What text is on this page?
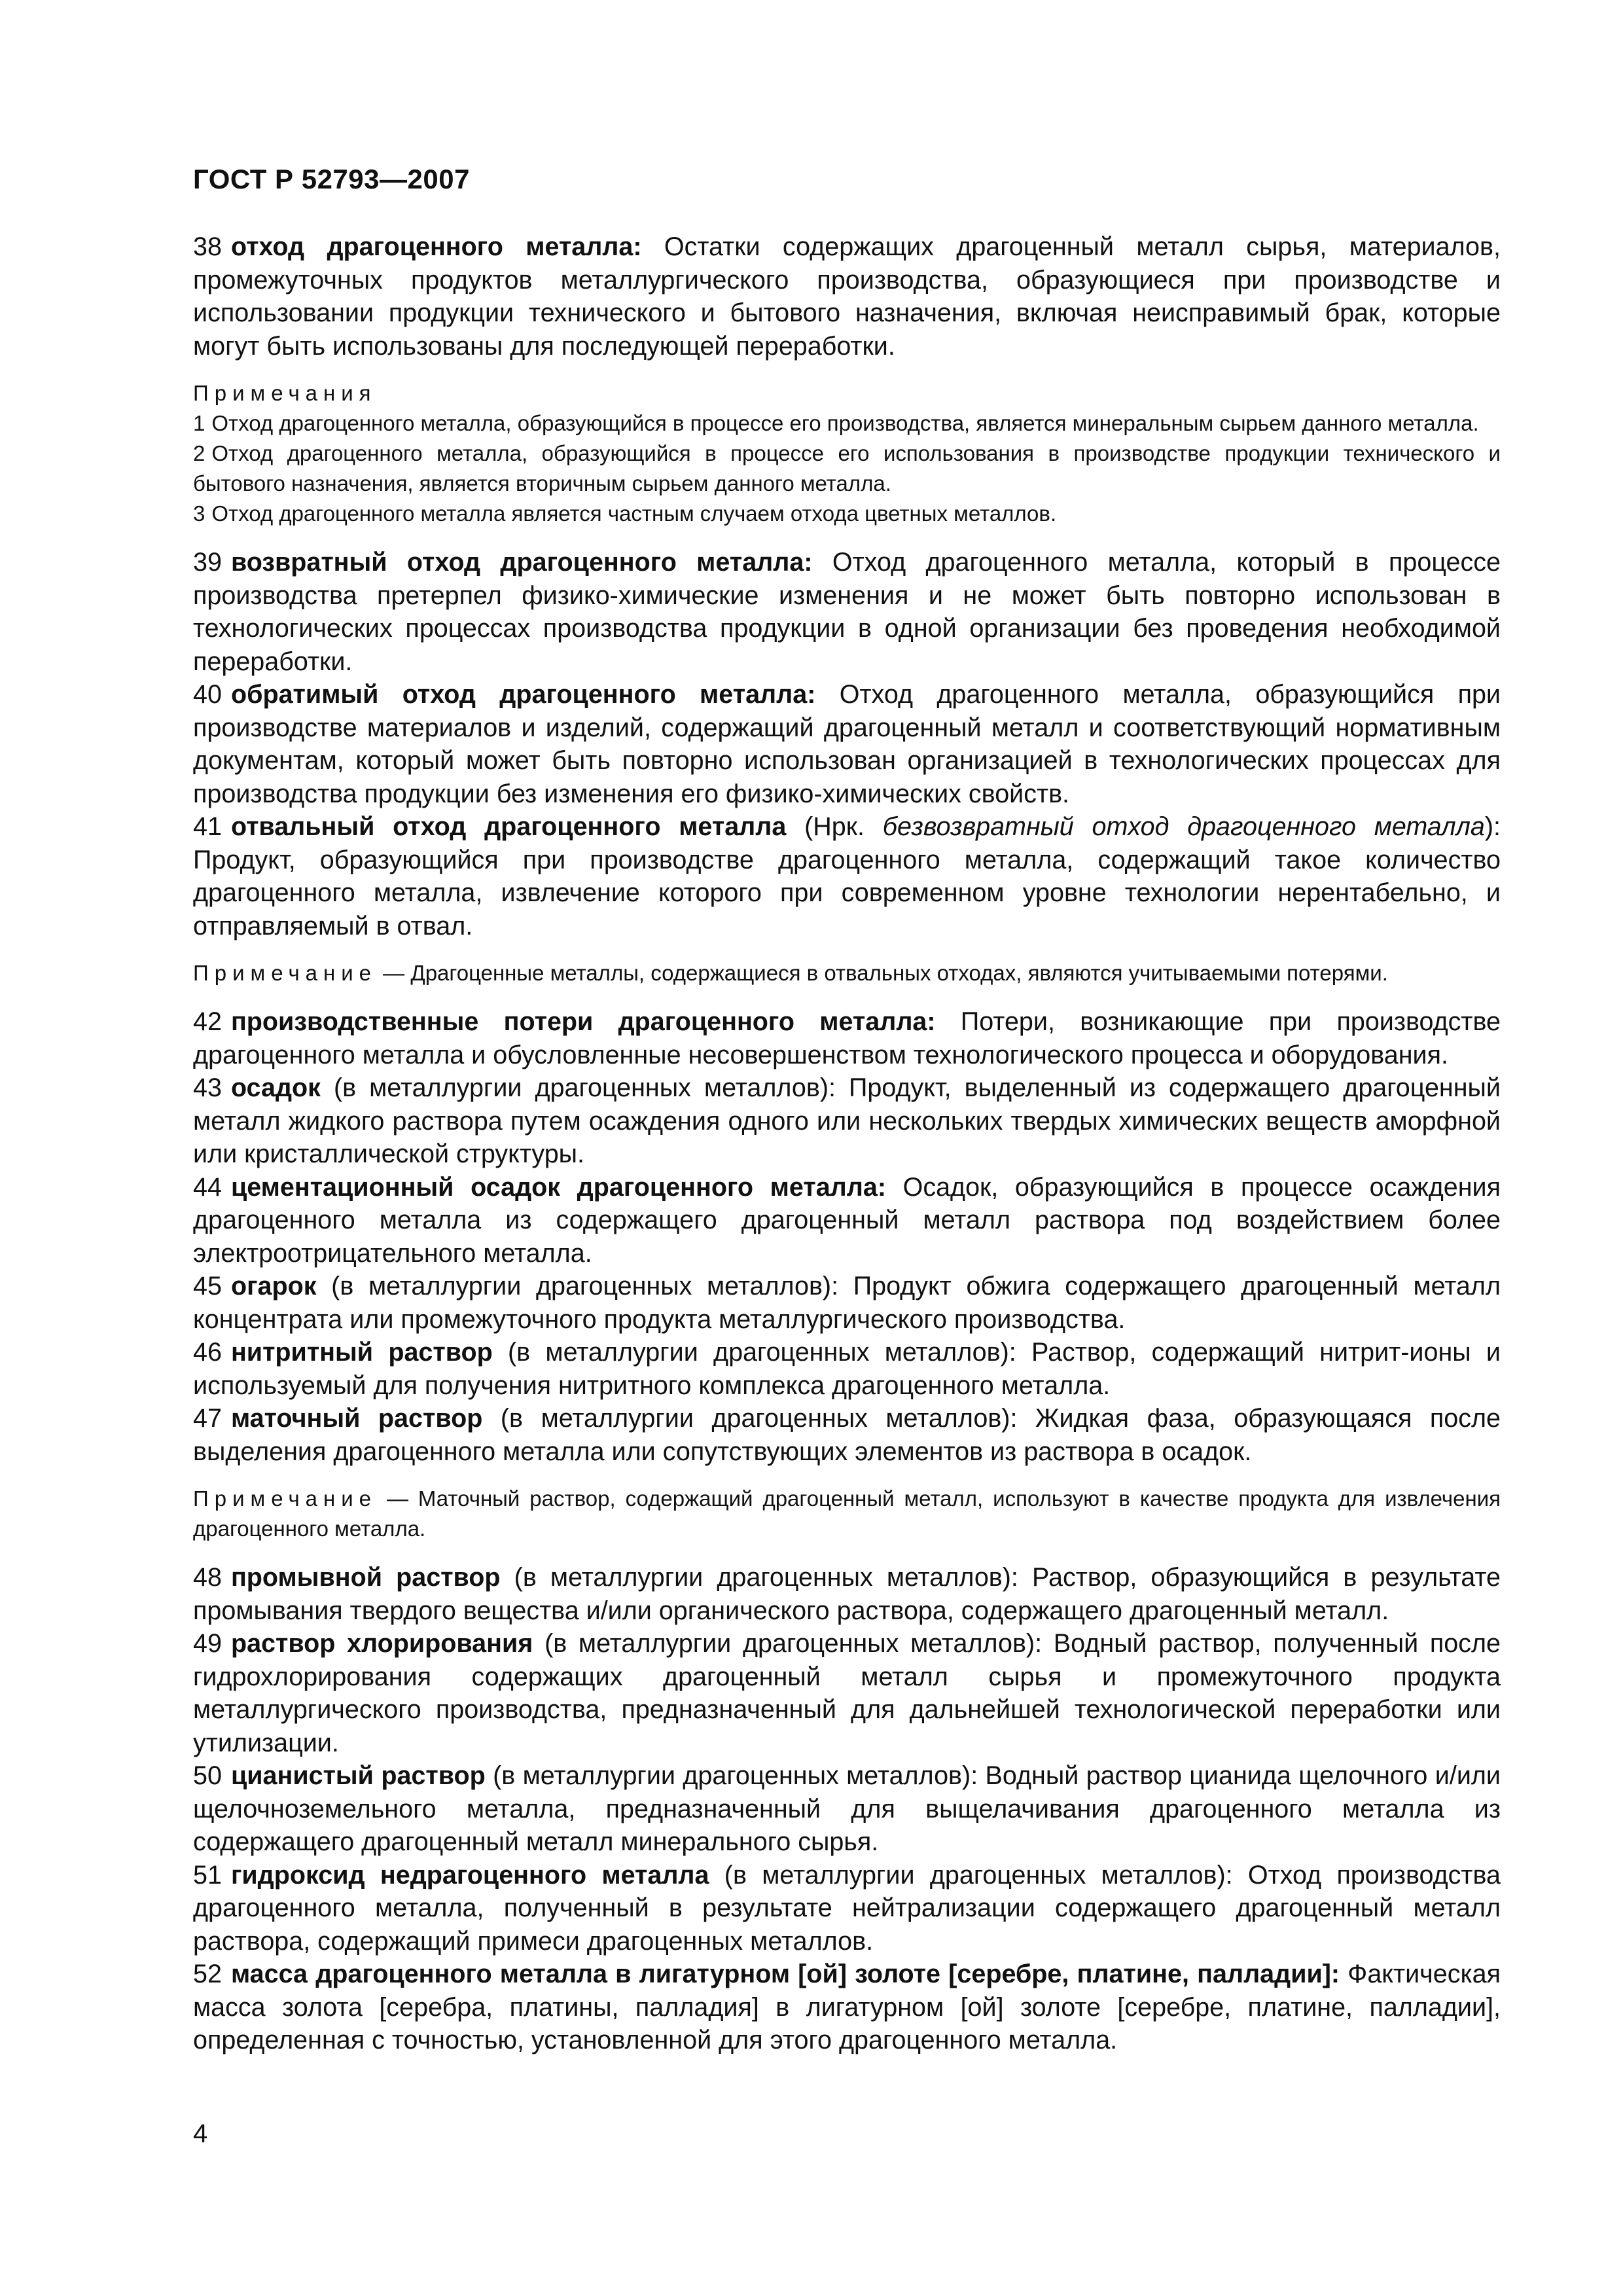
ГОСТ Р 52793—2007

38 отход драгоценного металла: Остатки содержащих драгоценный металл сырья, материалов, промежуточных продуктов металлургического производства, образующиеся при производстве и использовании продукции технического и бытового назначения, включая неисправимый брак, которые могут быть использованы для последующей переработки.

Примечания

1 Отход драгоценного металла, образующийся в процессе его производства, является минеральным сырьем данного металла.

2 Отход драгоценного металла, образующийся в процессе его использования в производстве продукции технического и бытового назначения, является вторичным сырьем данного металла.

3 Отход драгоценного металла является частным случаем отхода цветных металлов.

39 возвратный отход драгоценного металла: Отход драгоценного металла, который в процессе производства претерпел физико-химические изменения и не может быть повторно использован в технологических процессах производства продукции в одной организации без проведения необходимой переработки.

40 обратимый отход драгоценного металла: Отход драгоценного металла, образующийся при производстве материалов и изделий, содержащий драгоценный металл и соответствующий нормативным документам, который может быть повторно использован организацией в технологических процессах для производства продукции без изменения его физико-химических свойств.

41 отвальный отход драгоценного металла (Нрк. безвозвратный отход драгоценного металла): Продукт, образующийся при производстве драгоценного металла, содержащий такое количество драгоценного металла, извлечение которого при современном уровне технологии нерентабельно, и отправляемый в отвал.

Примечание — Драгоценные металлы, содержащиеся в отвальных отходах, являются учитываемыми потерями.

42 производственные потери драгоценного металла: Потери, возникающие при производстве драгоценного металла и обусловленные несовершенством технологического процесса и оборудования.

43 осадок (в металлургии драгоценных металлов): Продукт, выделенный из содержащего драгоценный металл жидкого раствора путем осаждения одного или нескольких твердых химических веществ аморфной или кристаллической структуры.

44 цементационный осадок драгоценного металла: Осадок, образующийся в процессе осаждения драгоценного металла из содержащего драгоценный металл раствора под воздействием более электроотрицательного металла.

45 огарок (в металлургии драгоценных металлов): Продукт обжига содержащего драгоценный металл концентрата или промежуточного продукта металлургического производства.

46 нитритный раствор (в металлургии драгоценных металлов): Раствор, содержащий нитрит-ионы и используемый для получения нитритного комплекса драгоценного металла.

47 маточный раствор (в металлургии драгоценных металлов): Жидкая фаза, образующаяся после выделения драгоценного металла или сопутствующих элементов из раствора в осадок.

Примечание — Маточный раствор, содержащий драгоценный металл, используют в качестве продукта для извлечения драгоценного металла.

48 промывной раствор (в металлургии драгоценных металлов): Раствор, образующийся в результате промывания твердого вещества и/или органического раствора, содержащего драгоценный металл.

49 раствор хлорирования (в металлургии драгоценных металлов): Водный раствор, полученный после гидрохлорирования содержащих драгоценный металл сырья и промежуточного продукта металлургического производства, предназначенный для дальнейшей технологической переработки или утилизации.

50 цианистый раствор (в металлургии драгоценных металлов): Водный раствор цианида щелочного и/или щелочноземельного металла, предназначенный для выщелачивания драгоценного металла из содержащего драгоценный металл минерального сырья.

51 гидроксид недрагоценного металла (в металлургии драгоценных металлов): Отход производства драгоценного металла, полученный в результате нейтрализации содержащего драгоценный металл раствора, содержащий примеси драгоценных металлов.

52 масса драгоценного металла в лигатурном [ой] золоте [серебре, платине, палладии]: Фактическая масса золота [серебра, платины, палладия] в лигатурном [ой] золоте [серебре, платине, палладии], определенная с точностью, установленной для этого драгоценного металла.

4
